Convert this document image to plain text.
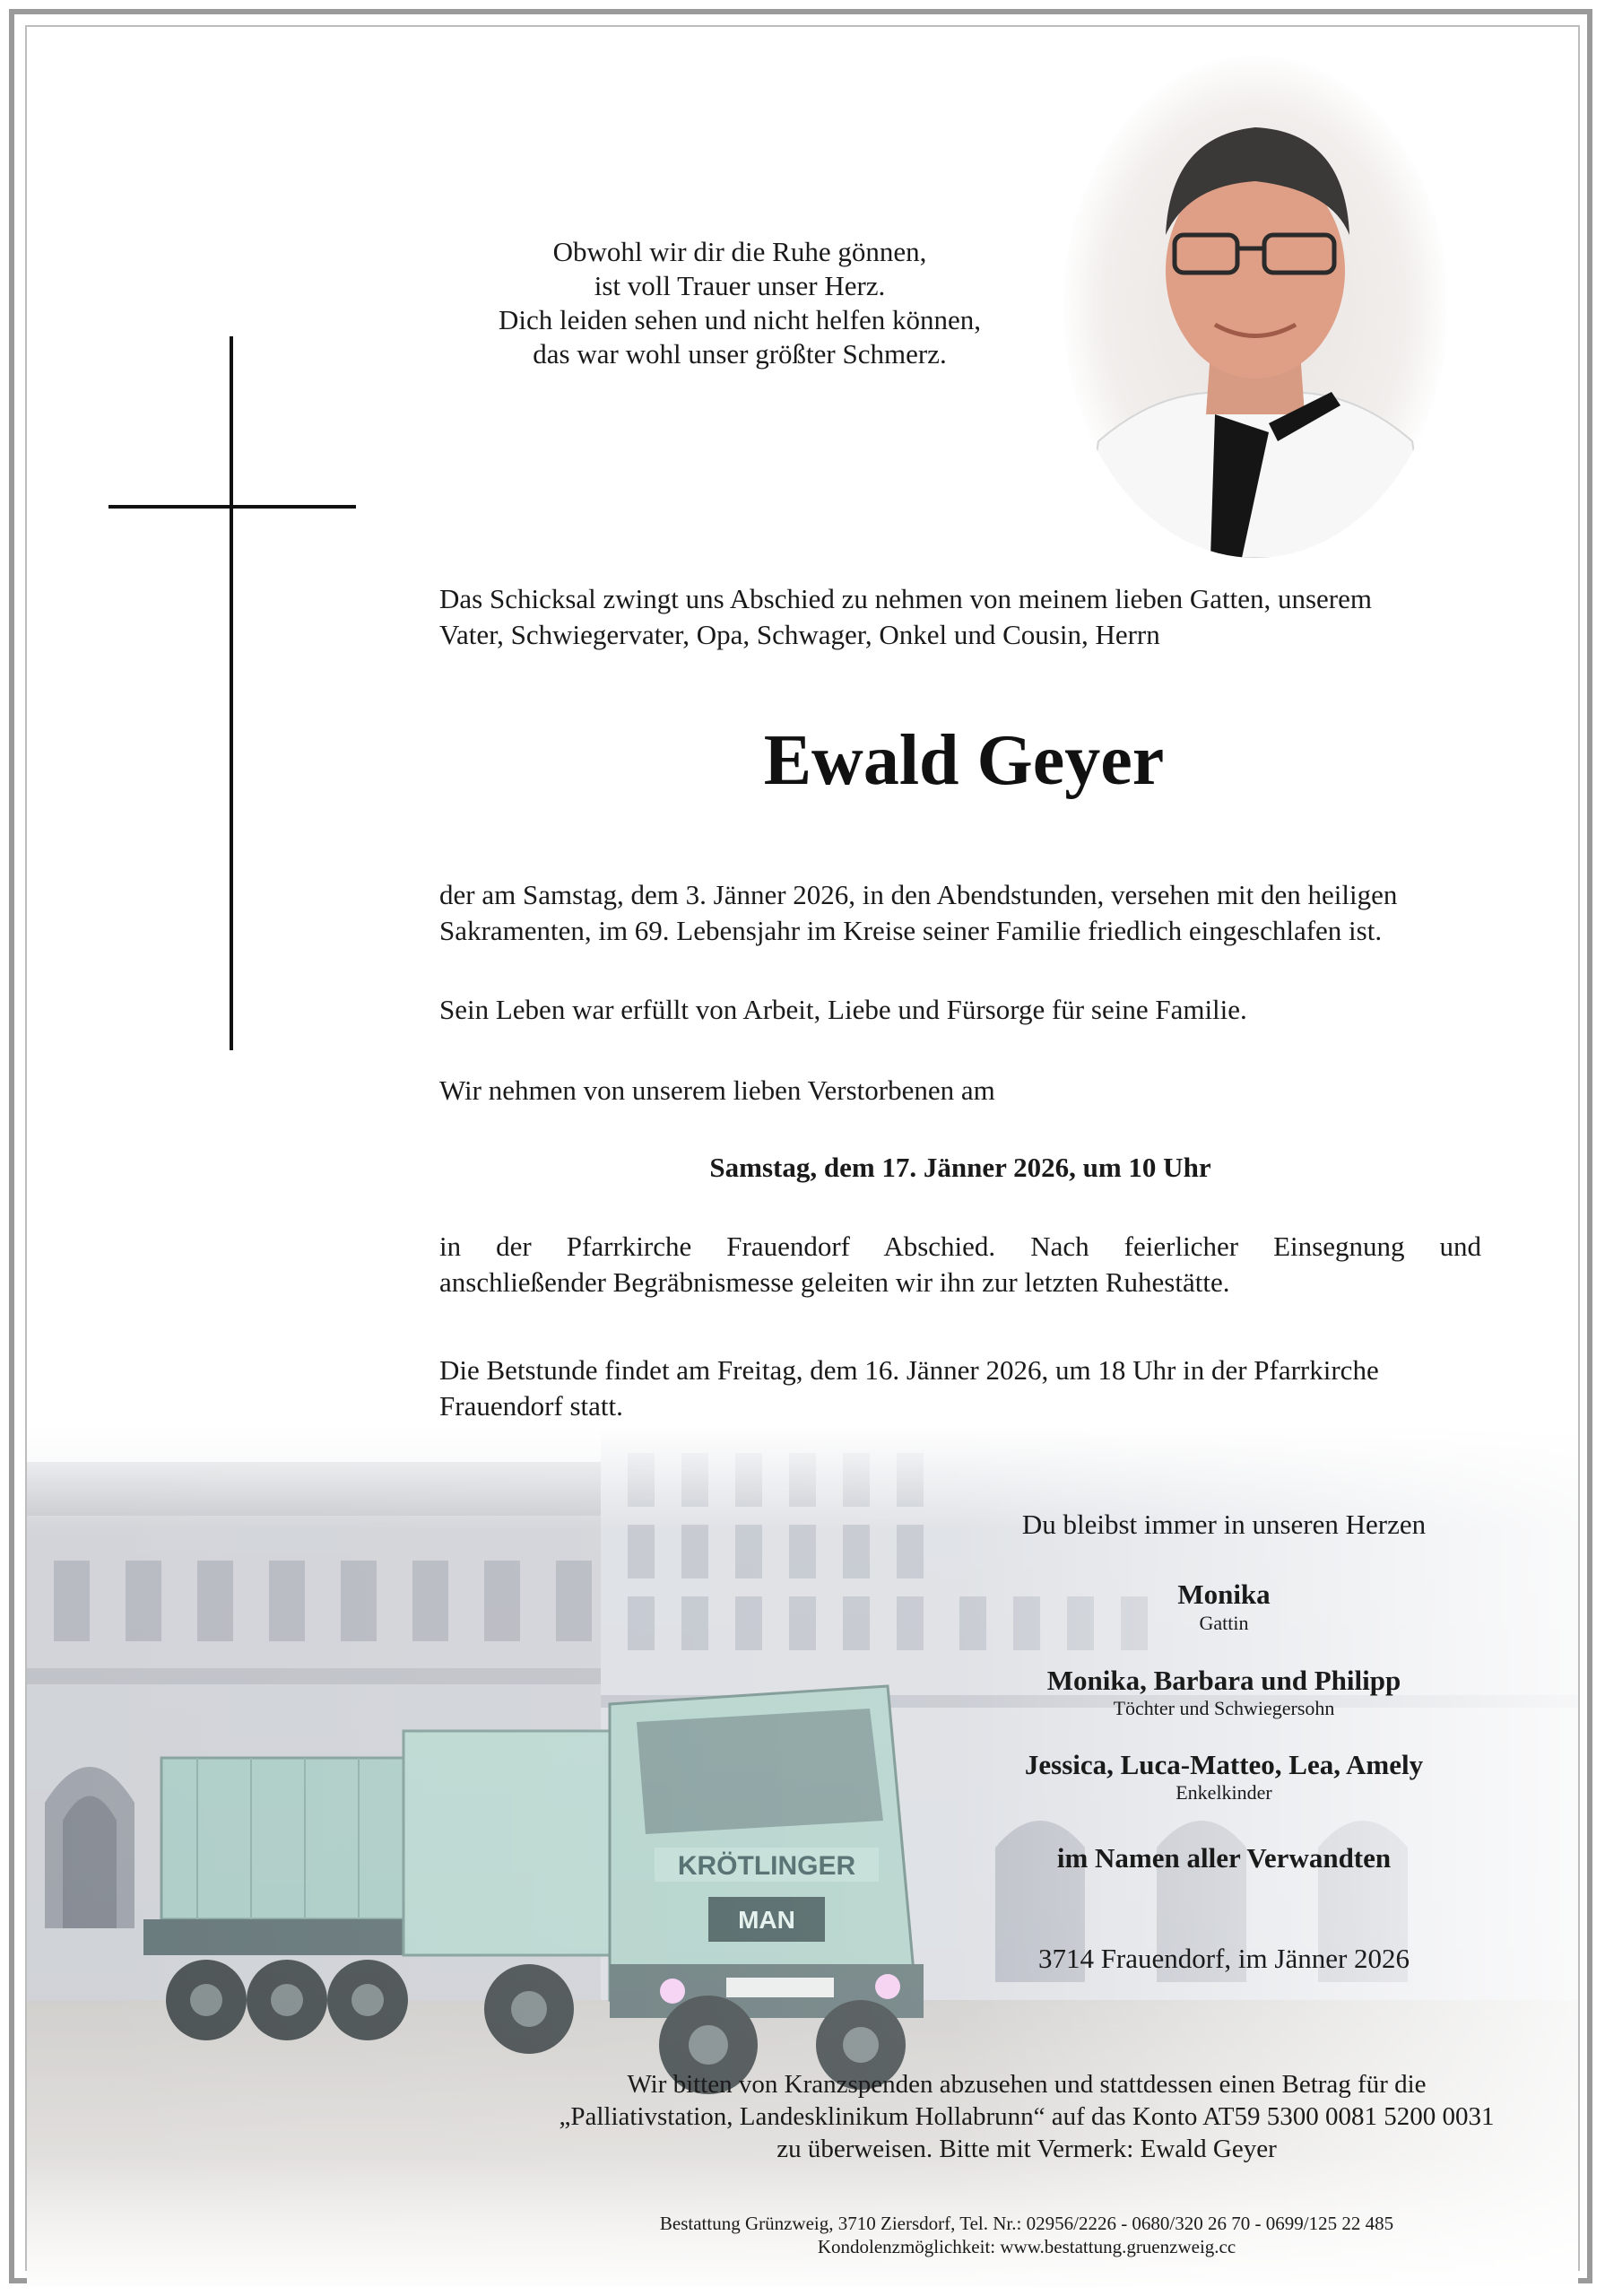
Obwohl wir dir die Ruhe gönnen,
ist voll Trauer unser Herz.
Dich leiden sehen und nicht helfen können,
das war wohl unser größter Schmerz.
Das Schicksal zwingt uns Abschied zu nehmen von meinem lieben Gatten, unserem
Vater, Schwiegervater, Opa, Schwager, Onkel und Cousin, Herrn
Ewald Geyer
der am Samstag, dem 3. Jänner 2026, in den Abendstunden, versehen mit den heiligen
Sakramenten, im 69. Lebensjahr im Kreise seiner Familie friedlich eingeschlafen ist.
Sein Leben war erfüllt von Arbeit, Liebe und Fürsorge für seine Familie.
Wir nehmen von unserem lieben Verstorbenen am
Samstag, dem 17. Jänner 2026, um 10 Uhr
in der Pfarrkirche Frauendorf Abschied. Nach feierlicher Einsegnung und
anschließender Begräbnismesse geleiten wir ihn zur letzten Ruhestätte.
Die Betstunde findet am Freitag, dem 16. Jänner 2026, um 18 Uhr in der Pfarrkirche
Frauendorf statt.
Du bleibst immer in unseren Herzen
Monika
Gattin
Monika, Barbara und Philipp
Töchter und Schwiegersohn
Jessica, Luca-Matteo, Lea, Amely
Enkelkinder
im Namen aller Verwandten
3714 Frauendorf, im Jänner 2026
Wir bitten von Kranzspenden abzusehen und stattdessen einen Betrag für die
„Palliativstation, Landesklinikum Hollabrunn“ auf das Konto AT59 5300 0081 5200 0031
zu überweisen. Bitte mit Vermerk: Ewald Geyer
Bestattung Grünzweig, 3710 Ziersdorf, Tel. Nr.: 02956/2226 - 0680/320 26 70 - 0699/125 22 485
Kondolenzmöglichkeit: www.bestattung.gruenzweig.cc
